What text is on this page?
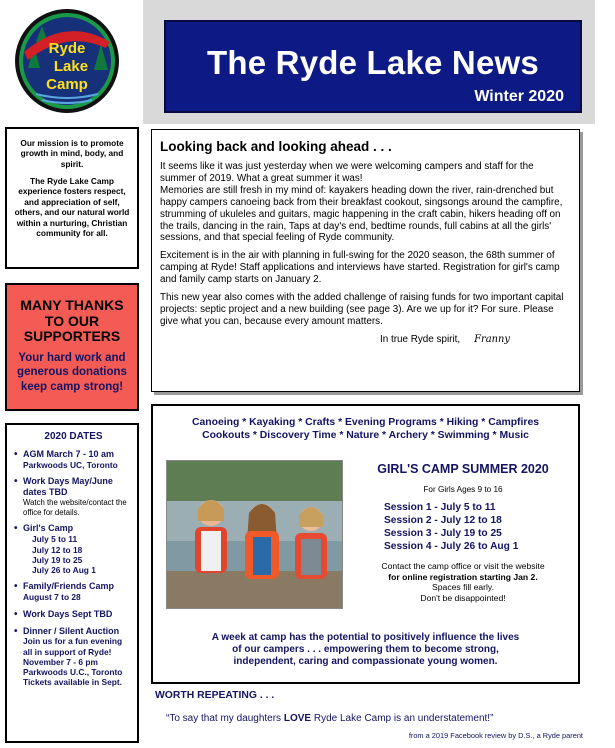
Ryde
Lake
Camp
The Ryde Lake News
Winter 2020

Our mission is to promote growth in mind, body, and spirit.

The Ryde Lake Camp experience fosters respect, and appreciation of self, others, and our natural world within a nurturing, Christian community for all.

MANY THANKS
TO OUR SUPPORTERS
Your hard work and generous donations keep camp strong!
2020 DATES
• AGM March 7 - 10 am
Parkwoods UC, Toronto
• Work Days May/June dates TBD
Watch the website/contact the office for details.
• Girl's Camp
July 5 to 11
July 12 to 18
July 19 to 25
July 26 to Aug 1
• Family/Friends Camp
August 7 to 28
• Work Days Sept TBD
• Dinner / Silent Auction
Join us for a fun evening all in support of Ryde!
November 7 - 6 pm
Parkwoods U.C., Toronto
Tickets available in Sept.
Looking back and looking ahead . . .

It seems like it was just yesterday when we were welcoming campers and staff for the summer of 2019. What a great summer it was!
Memories are still fresh in my mind of: kayakers heading down the river, rain-drenched but happy campers canoeing back from their breakfast cookout, singsongs around the campfire, strumming of ukuleles and guitars, magic happening in the craft cabin, hikers heading off on the trails, dancing in the rain, Taps at day's end, bedtime rounds, full cabins at all the girls' sessions, and that special feeling of Ryde community.

Excitement is in the air with planning in full-swing for the 2020 season, the 68th summer of camping at Ryde! Staff applications and interviews have started. Registration for girl's camp and family camp starts on January 2.

This new year also comes with the added challenge of raising funds for two important capital projects: septic project and a new building (see page 3). Are we up for it? For sure. Please give what you can, because every amount matters.

In true Ryde spirit, Franny
Canoeing * Kayaking * Crafts * Evening Programs * Hiking * Campfires
Cookouts * Discovery Time * Nature * Archery * Swimming * Music
GIRL'S CAMP SUMMER 2020
For Girls Ages 9 to 16
Session 1 - July 5 to 11
Session 2 - July 12 to 18
Session 3 - July 19 to 25
Session 4 - July 26 to Aug 1
Contact the camp office or visit the website
for online registration starting Jan 2.
Spaces fill early.
Don't be disappointed!
A week at camp has the potential to positively influence the lives
of our campers . . . empowering them to become strong,
independent, caring and compassionate young women.
WORTH REPEATING . . .
“To say that my daughters LOVE Ryde Lake Camp is an understatement!”
from a 2019 Facebook review by D.S., a Ryde parent
